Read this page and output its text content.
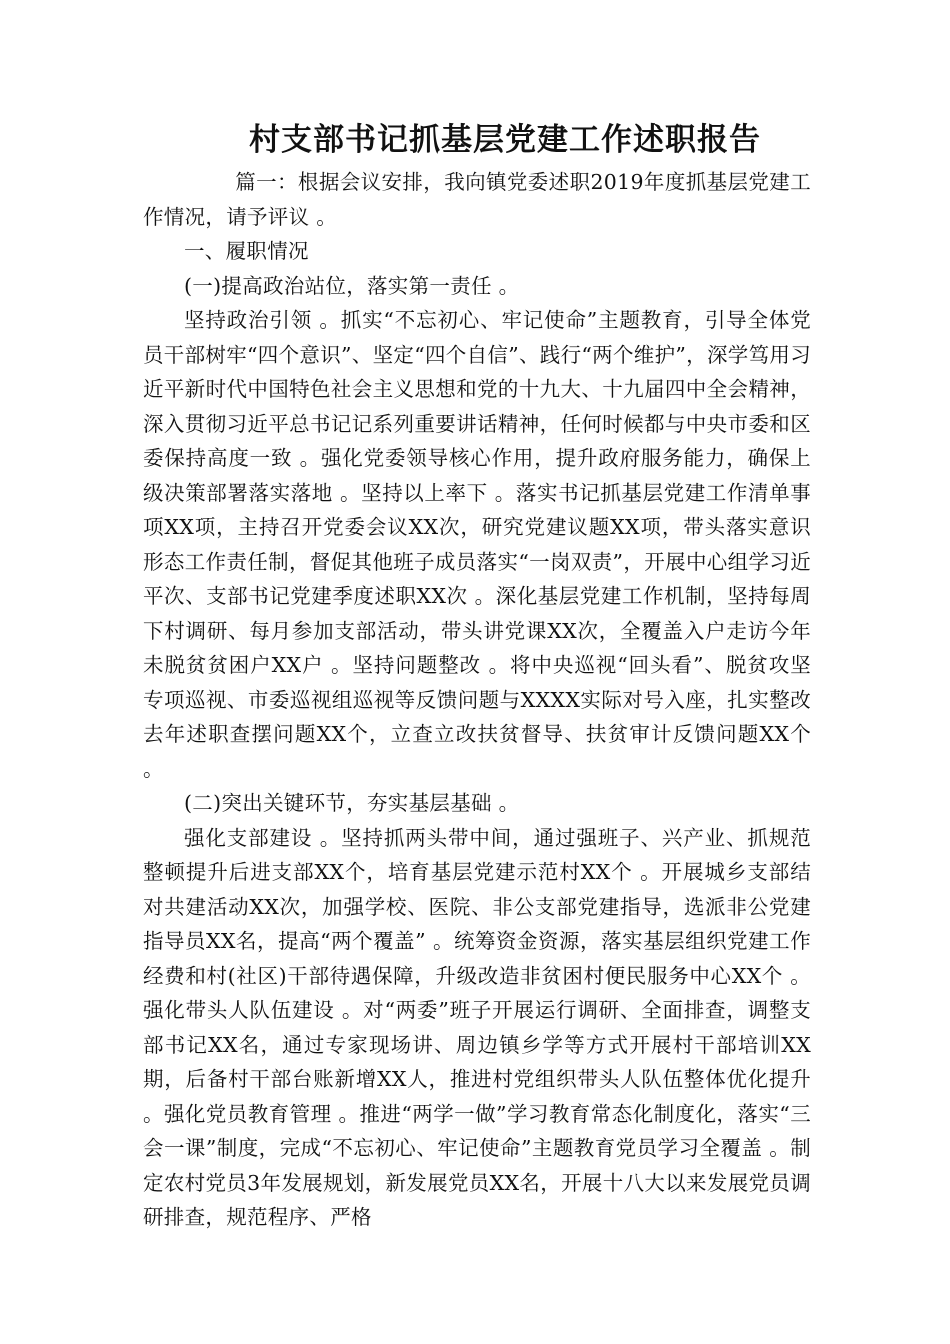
村支部书记抓基层党建工作述职报告

篇一：根据会议安排，我向镇党委述职2019年度抓基层党建工作情况，请予评议 。

一、履职情况

(一)提高政治站位，落实第一责任 。

坚持政治引领 。抓实“不忘初心、牢记使命”主题教育，引导全体党员干部树牢“四个意识”、坚定“四个自信”、践行“两个维护”，深学笃用习近平新时代中国特色社会主义思想和党的十九大、十九届四中全会精神，深入贯彻习近平总书记记系列重要讲话精神，任何时候都与中央市委和区委保持高度一致 。强化党委领导核心作用，提升政府服务能力，确保上级决策部署落实落地 。坚持以上率下 。落实书记抓基层党建工作清单事项XX项，主持召开党委会议XX次，研究党建议题XX项，带头落实意识形态工作责任制，督促其他班子成员落实“一岗双责”，开展中心组学习近平次、支部书记党建季度述职XX次 。深化基层党建工作机制，坚持每周下村调研、每月参加支部活动，带头讲党课XX次，全覆盖入户走访今年未脱贫贫困户XX户 。坚持问题整改 。将中央巡视“回头看”、脱贫攻坚专项巡视、市委巡视组巡视等反馈问题与XXXX实际对号入座，扎实整改去年述职查摆问题XX个，立查立改扶贫督导、扶贫审计反馈问题XX个 。

(二)突出关键环节，夯实基层基础 。

强化支部建设 。坚持抓两头带中间，通过强班子、兴产业、抓规范整顿提升后进支部XX个，培育基层党建示范村XX个 。开展城乡支部结对共建活动XX次，加强学校、医院、非公支部党建指导，选派非公党建指导员XX名，提高“两个覆盖” 。统筹资金资源，落实基层组织党建工作经费和村(社区)干部待遇保障，升级改造非贫困村便民服务中心XX个 。强化带头人队伍建设 。对“两委”班子开展运行调研、全面排查，调整支部书记XX名，通过专家现场讲、周边镇乡学等方式开展村干部培训XX期，后备村干部台账新增XX人，推进村党组织带头人队伍整体优化提升 。强化党员教育管理 。推进“两学一做”学习教育常态化制度化，落实“三会一课”制度，完成“不忘初心、牢记使命”主题教育党员学习全覆盖 。制定农村党员3年发展规划，新发展党员XX名，开展十八大以来发展党员调研排查，规范程序、严格
